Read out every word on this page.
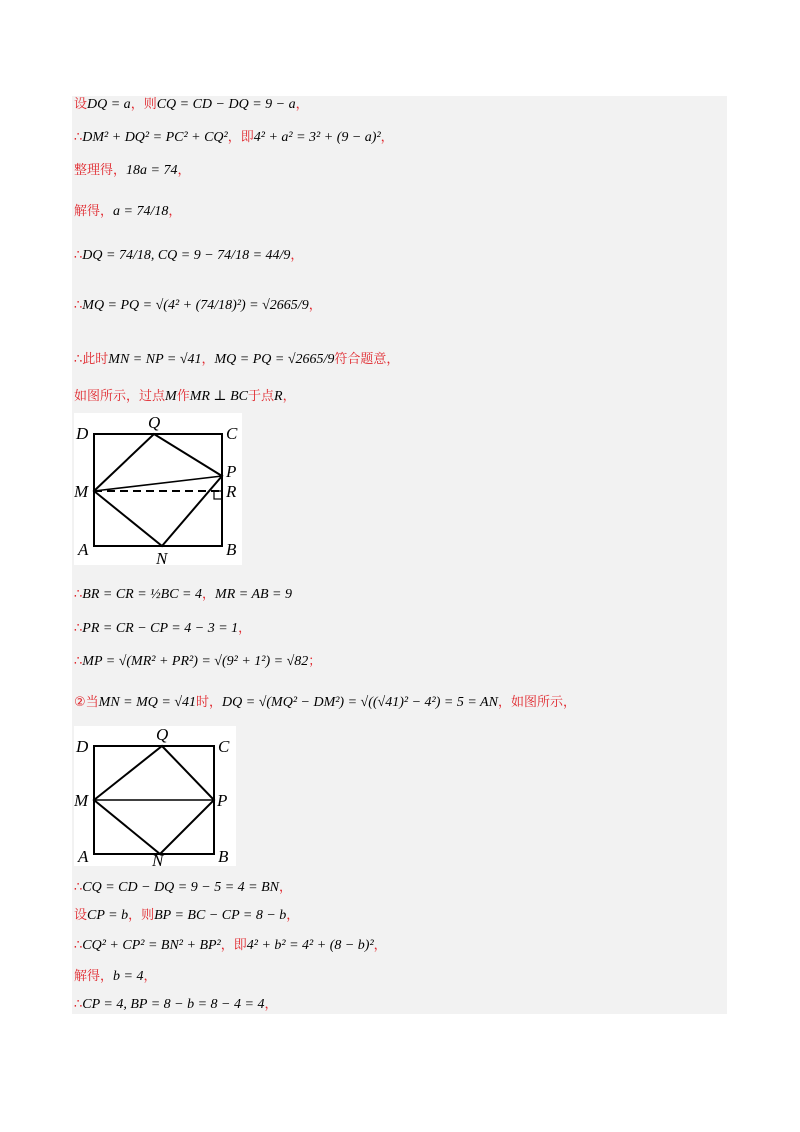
设DQ = a，则CQ = CD − DQ = 9 − a，
∴DM² + DQ² = PC² + CQ²，即4² + a² = 3² + (9 − a)²，
整理得，18a = 74，
解得，a = 74/18，
∴DQ = 74/18, CQ = 9 − 74/18 = 44/9，
∴MQ = PQ = √(4² + (74/18)²) = √2665/9，
∴此时MN = NP = √41，MQ = PQ = √2665/9符合题意，
如图所示，过点M作MR ⊥ BC于点R，
D
Q
C
P
M	R
A	N	B
∴BR = CR = ½BC = 4，MR = AB = 9
∴PR = CR − CP = 4 − 3 = 1，
∴MP = √(MR² + PR²) = √(9² + 1²) = √82；
②当MN = MQ = √41时，DQ = √(MQ² − DM²) = √((√41)² − 4²) = 5 = AN，如图所示，
D
Q
C
M	P
A	N	B
∴CQ = CD − DQ = 9 − 5 = 4 = BN，
设CP = b，则BP = BC − CP = 8 − b，
∴CQ² + CP² = BN² + BP²，即4² + b² = 4² + (8 − b)²，
解得，b = 4，
∴CP = 4, BP = 8 − b = 8 − 4 = 4，
